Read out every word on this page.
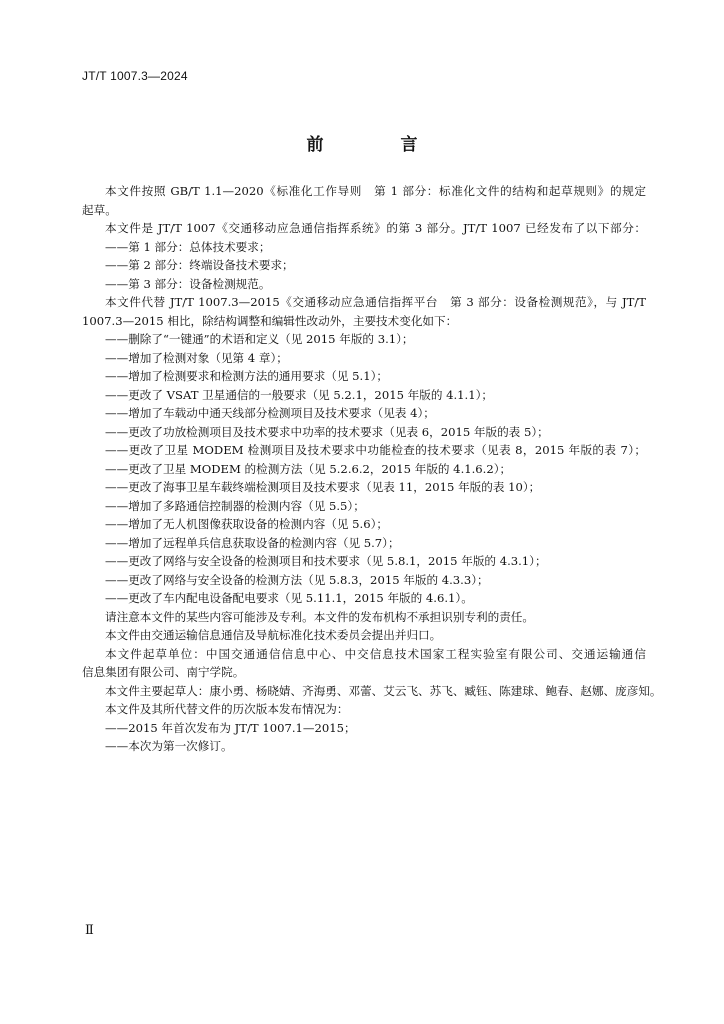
JT/T 1007.3—2024
前　言
本文件按照 GB/T 1.1—2020《标准化工作导则　第 1 部分：标准化文件的结构和起草规则》的规定
起草。
本文件是 JT/T 1007《交通移动应急通信指挥系统》的第 3 部分。JT/T 1007 已经发布了以下部分：
——第 1 部分：总体技术要求；
——第 2 部分：终端设备技术要求；
——第 3 部分：设备检测规范。
本文件代替 JT/T 1007.3—2015《交通移动应急通信指挥平台　第 3 部分：设备检测规范》，与 JT/T
1007.3—2015 相比，除结构调整和编辑性改动外，主要技术变化如下：
——删除了“一键通”的术语和定义（见 2015 年版的 3.1）；
——增加了检测对象（见第 4 章）；
——增加了检测要求和检测方法的通用要求（见 5.1）；
——更改了 VSAT 卫星通信的一般要求（见 5.2.1，2015 年版的 4.1.1）；
——增加了车载动中通天线部分检测项目及技术要求（见表 4）；
——更改了功放检测项目及技术要求中功率的技术要求（见表 6，2015 年版的表 5）；
——更改了卫星 MODEM 检测项目及技术要求中功能检查的技术要求（见表 8，2015 年版的表 7）；
——更改了卫星 MODEM 的检测方法（见 5.2.6.2，2015 年版的 4.1.6.2）；
——更改了海事卫星车载终端检测项目及技术要求（见表 11，2015 年版的表 10）；
——增加了多路通信控制器的检测内容（见 5.5）；
——增加了无人机图像获取设备的检测内容（见 5.6）；
——增加了远程单兵信息获取设备的检测内容（见 5.7）；
——更改了网络与安全设备的检测项目和技术要求（见 5.8.1，2015 年版的 4.3.1）；
——更改了网络与安全设备的检测方法（见 5.8.3，2015 年版的 4.3.3）；
——更改了车内配电设备配电要求（见 5.11.1，2015 年版的 4.6.1）。
请注意本文件的某些内容可能涉及专利。本文件的发布机构不承担识别专利的责任。
本文件由交通运输信息通信及导航标准化技术委员会提出并归口。
本文件起草单位：中国交通通信信息中心、中交信息技术国家工程实验室有限公司、交通运输通信
信息集团有限公司、南宁学院。
本文件主要起草人：康小勇、杨晓婧、齐海勇、邓蕾、艾云飞、苏飞、臧钰、陈建球、鲍春、赵娜、庞彦知。
本文件及其所代替文件的历次版本发布情况为：
——2015 年首次发布为 JT/T 1007.1—2015；
——本次为第一次修订。
Ⅱ
